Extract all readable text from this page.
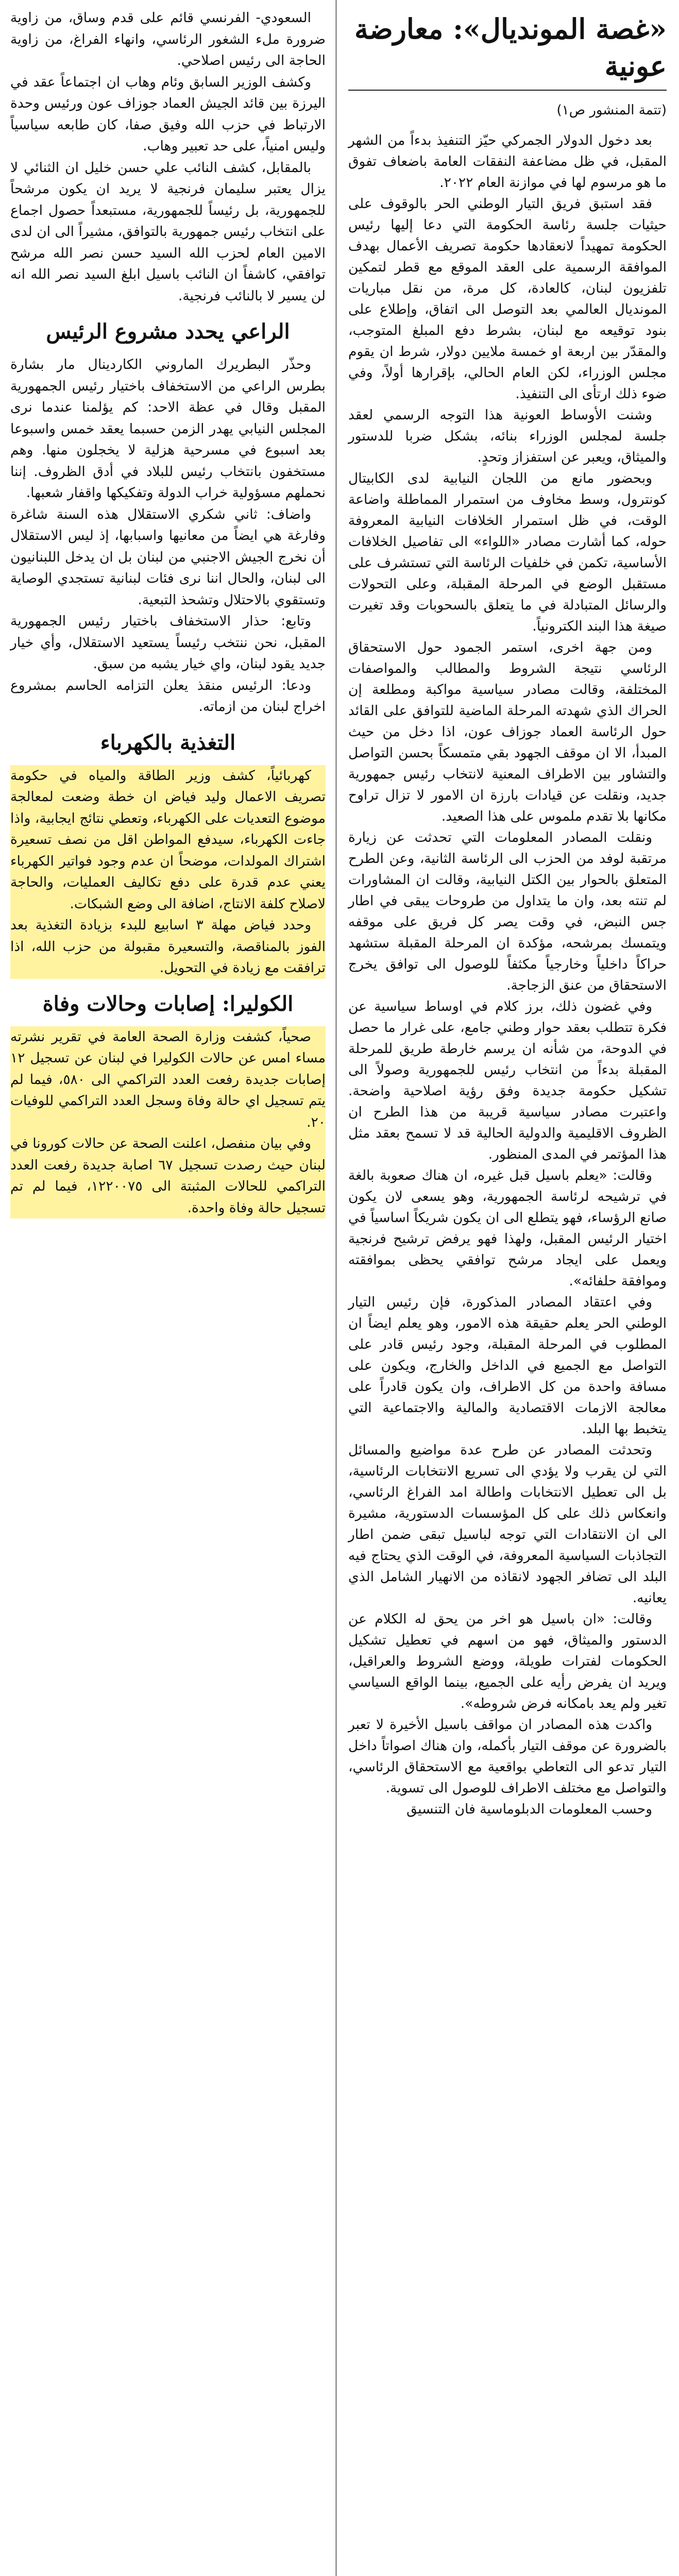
«غصة المونديال»: معارضة عونية
(تتمة المنشور ص١)

بعد دخول الدولار الجمركي حيّز التنفيذ بدءاً من الشهر المقبل، في ظل مضاعفة النفقات العامة باضعاف تفوق ما هو مرسوم لها في موازنة العام ٢٠٢٢.

فقد استبق فريق التيار الوطني الحر بالوقوف على حيثيات جلسة رئاسة الحكومة التي دعا إليها رئيس الحكومة تمهيداً لانعقادها حكومة تصريف الأعمال بهدف الموافقة الرسمية على العقد الموقع مع قطر لتمكين تلفزيون لبنان، كالعادة، كل مرة، من نقل مباريات المونديال العالمي بعد التوصل الى اتفاق، وإطلاع على بنود توقيعه مع لبنان، بشرط دفع المبلغ المتوجب، والمقدّر بين اربعة او خمسة ملايين دولار، شرط ان يقوم مجلس الوزراء، لكن العام الحالي، بإقرارها أولاً، وفي ضوء ذلك ارتأى الى التنفيذ.

وشنت الأوساط العونية هذا التوجه الرسمي لعقد جلسة لمجلس الوزراء بنائه، بشكل ضربا للدستور والميثاق، ويعبر عن استفزاز وتحدٍ.

وبحضور مانع من اللجان النيابية لدى الكابيتال كونترول، وسط مخاوف من استمرار المماطلة واضاعة الوقت، في ظل استمرار الخلافات النيابية المعروفة حوله، كما أشارت مصادر «اللواء» الى تفاصيل الخلافات الأساسية، تكمن في خلفيات الرئاسة التي تستشرف على مستقبل الوضع في المرحلة المقبلة، وعلى التحولات والرسائل المتبادلة في ما يتعلق بالسحوبات وقد تغيرت صيغة هذا البند الكترونياً.

ومن جهة اخرى، استمر الجمود حول الاستحقاق الرئاسي نتيجة الشروط والمطالب والمواصفات المختلفة، وقالت مصادر سياسية مواكبة ومطلعة إن الحراك الذي شهدته المرحلة الماضية للتوافق على القائد حول الرئاسة العماد جوزاف عون، اذا دخل من حيث المبدأ، الا ان موقف الجهود بقي متمسكاً بحسن التواصل والتشاور بين الاطراف المعنية لانتخاب رئيس جمهورية جديد، ونقلت عن قيادات بارزة ان الامور لا تزال تراوح مكانها بلا تقدم ملموس على هذا الصعيد.

ونقلت المصادر المعلومات التي تحدثت عن زيارة مرتقبة لوفد من الحزب الى الرئاسة الثانية، وعن الطرح المتعلق بالحوار بين الكتل النيابية، وقالت ان المشاورات لم تنته بعد، وان ما يتداول من طروحات يبقى في اطار جس النبض، في وقت يصر كل فريق على موقفه ويتمسك بمرشحه، مؤكدة ان المرحلة المقبلة ستشهد حراكاً داخلياً وخارجياً مكثفاً للوصول الى توافق يخرج الاستحقاق من عنق الزجاجة.

وفي غضون ذلك، برز كلام في اوساط سياسية عن فكرة تتطلب بعقد حوار وطني جامع، على غرار ما حصل في الدوحة، من شأنه ان يرسم خارطة طريق للمرحلة المقبلة بدءاً من انتخاب رئيس للجمهورية وصولاً الى تشكيل حكومة جديدة وفق رؤية اصلاحية واضحة. واعتبرت مصادر سياسية قريبة من هذا الطرح ان الظروف الاقليمية والدولية الحالية قد لا تسمح بعقد مثل هذا المؤتمر في المدى المنظور.

وقالت: «يعلم باسيل قبل غيره، ان هناك صعوبة بالغة في ترشيحه لرئاسة الجمهورية، وهو يسعى لان يكون صانع الرؤساء، فهو يتطلع الى ان يكون شريكاً اساسياً في اختيار الرئيس المقبل، ولهذا فهو يرفض ترشيح فرنجية ويعمل على ايجاد مرشح توافقي يحظى بموافقته وموافقة حلفائه».

وفي اعتقاد المصادر المذكورة، فإن رئيس التيار الوطني الحر يعلم حقيقة هذه الامور، وهو يعلم ايضاً ان المطلوب في المرحلة المقبلة، وجود رئيس قادر على التواصل مع الجميع في الداخل والخارج، ويكون على مسافة واحدة من كل الاطراف، وان يكون قادراً على معالجة الازمات الاقتصادية والمالية والاجتماعية التي يتخبط بها البلد.

وتحدثت المصادر عن طرح عدة مواضيع والمسائل التي لن يقرب ولا يؤدي الى تسريع الانتخابات الرئاسية، بل الى تعطيل الانتخابات واطالة امد الفراغ الرئاسي، وانعكاس ذلك على كل المؤسسات الدستورية، مشيرة الى ان الانتقادات التي توجه لباسيل تبقى ضمن اطار التجاذبات السياسية المعروفة، في الوقت الذي يحتاج فيه البلد الى تضافر الجهود لانقاذه من الانهيار الشامل الذي يعانيه.

وقالت: «ان باسيل هو اخر من يحق له الكلام عن الدستور والميثاق، فهو من اسهم في تعطيل تشكيل الحكومات لفترات طويلة، ووضع الشروط والعراقيل، ويريد ان يفرض رأيه على الجميع، بينما الواقع السياسي تغير ولم يعد بامكانه فرض شروطه».

واكدت هذه المصادر ان مواقف باسيل الأخيرة لا تعبر بالضرورة عن موقف التيار بأكمله، وان هناك اصواتاً داخل التيار تدعو الى التعاطي بواقعية مع الاستحقاق الرئاسي، والتواصل مع مختلف الاطراف للوصول الى تسوية.

وحسب المعلومات الدبلوماسية فان التنسيق

السعودي- الفرنسي قائم على قدم وساق، من زاوية ضرورة ملء الشغور الرئاسي، وانهاء الفراغ، من زاوية الحاجة الى رئيس اصلاحي.

وكشف الوزير السابق وئام وهاب ان اجتماعاً عقد في اليرزة بين قائد الجيش العماد جوزاف عون ورئيس وحدة الارتباط في حزب الله وفيق صفا، كان طابعه سياسياً وليس امنياً، على حد تعبير وهاب.

بالمقابل، كشف النائب علي حسن خليل ان الثنائي لا يزال يعتبر سليمان فرنجية لا يريد ان يكون مرشحاً للجمهورية، بل رئيساً للجمهورية، مستبعداً حصول اجماع على انتخاب رئيس جمهورية بالتوافق، مشيراً الى ان لدى الامين العام لحزب الله السيد حسن نصر الله مرشح توافقي، كاشفاً ان النائب باسيل ابلغ السيد نصر الله انه لن يسير لا بالنائب فرنجية.

الراعي يحدد مشروع الرئيس

وحذّر البطريرك الماروني الكاردينال مار بشارة بطرس الراعي من الاستخفاف باختيار رئيس الجمهورية المقبل وقال في عظة الاحد: كم يؤلمنا عندما نرى المجلس النيابي يهدر الزمن حسبما يعقد خمس واسبوعا بعد اسبوع في مسرحية هزلية لا يخجلون منها. وهم مستخفون بانتخاب رئيس للبلاد في أدق الظروف. إننا نحملهم مسؤولية خراب الدولة وتفكيكها واقفار شعبها.

واضاف: ثاني شكري الاستقلال هذه السنة شاغرة وفارغة هي ايضاً من معانيها واسبابها، إذ ليس الاستقلال أن نخرج الجيش الاجنبي من لبنان بل ان يدخل اللبنانيون الى لبنان، والحال اننا نرى فئات لبنانية تستجدي الوصاية وتستقوي بالاحتلال وتشحذ التبعية.

وتابع: حذار الاستخفاف باختيار رئيس الجمهورية المقبل، نحن ننتخب رئيساً يستعيد الاستقلال، وأي خيار جديد يقود لبنان، واي خيار يشبه من سبق.

ودعا: الرئيس منقذ يعلن التزامه الحاسم بمشروع اخراج لبنان من ازماته.

التغذية بالكهرباء

كهربائياً، كشف وزير الطاقة والمياه في حكومة تصريف الاعمال وليد فياض ان خطة وضعت لمعالجة موضوع التعديات على الكهرباء، وتعطي نتائج ايجابية، واذا جاءت الكهرباء، سيدفع المواطن اقل من نصف تسعيرة اشتراك المولدات، موضحاً ان عدم وجود فواتير الكهرباء يعني عدم قدرة على دفع تكاليف العمليات، والحاجة لاصلاح كلفة الانتاج، اضافة الى وضع الشبكات.

وحدد فياض مهلة ٣ اسابيع للبدء بزيادة التغذية بعد الفوز بالمناقصة، والتسعيرة مقبولة من حزب الله، اذا ترافقت مع زيادة في التحويل.

الكوليرا: إصابات وحالات وفاة

صحياً، كشفت وزارة الصحة العامة في تقرير نشرته مساء امس عن حالات الكوليرا في لبنان عن تسجيل ١٢ إصابات جديدة رفعت العدد التراكمي الى ٥٨٠، فيما لم يتم تسجيل اي حالة وفاة وسجل العدد التراكمي للوفيات ٢٠.

وفي بيان منفصل، اعلنت الصحة عن حالات كورونا في لبنان حيث رصدت تسجيل ٦٧ اصابة جديدة رفعت العدد التراكمي للحالات المثبتة الى ١٢٢٠٠٧٥، فيما لم تم تسجيل حالة وفاة واحدة.
